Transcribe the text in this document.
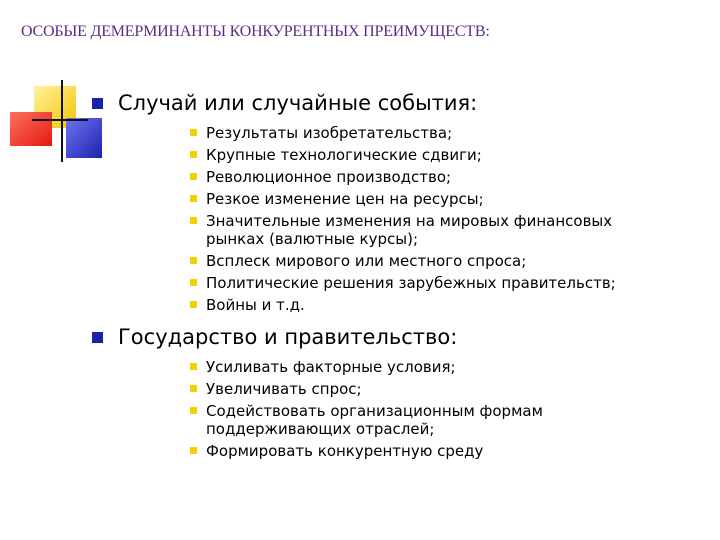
ОСОБЫЕ ДЕМЕРМИНАНТЫ КОНКУРЕНТНЫХ ПРЕИМУЩЕСТВ:
Случай или случайные события:
Результаты изобретательства;
Крупные технологические сдвиги;
Революционное производство;
Резкое изменение цен на ресурсы;
Значительные изменения на мировых финансовых рынках (валютные курсы);
Всплеск мирового или местного спроса;
Политические решения зарубежных правительств;
Войны и т.д.
Государство и правительство:
Усиливать факторные условия;
Увеличивать спрос;
Содействовать организационным формам поддерживающих отраслей;
Формировать конкурентную среду
